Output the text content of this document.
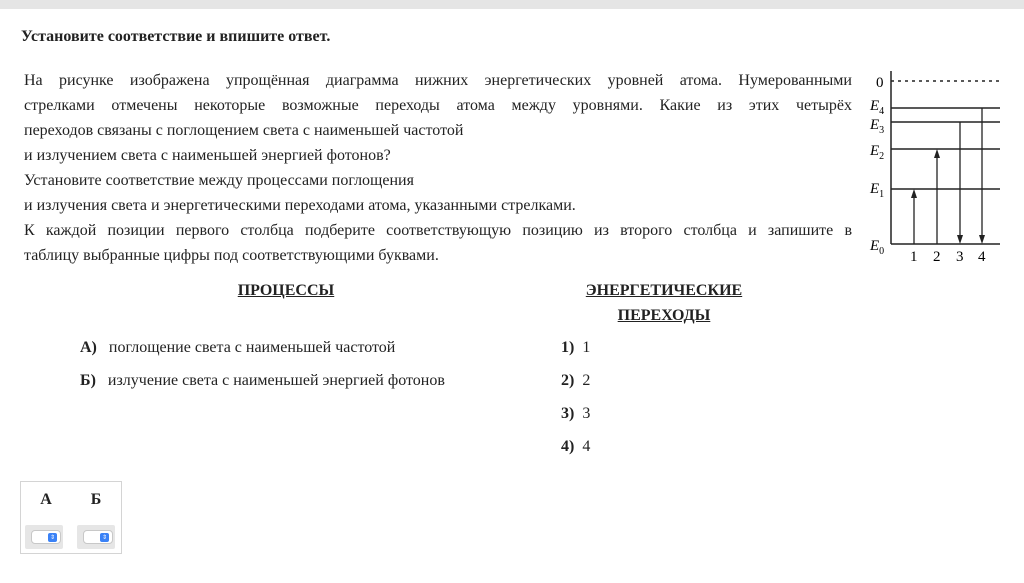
Установите соответствие и впишите ответ.

На рисунке изображена упрощённая диаграмма нижних энергетических уровней атома. Нумерованными

стрелками отмечены некоторые возможные переходы атома между уровнями. Какие из этих четырёх

переходов связаны с поглощением света с наименьшей частотой

и излучением света с наименьшей энергией фотонов?

Установите соответствие между процессами поглощения

и излучения света и энергетическими переходами атома, указанными стрелками.

К каждой позиции первого столбца подберите соответствующую позицию из второго столбца и запишите в

таблицу выбранные цифры под соответствующими буквами.

0
$E_4$
$E_3$
$E_2$
$E_1$
$E_0$ 1 2 3 4
ПРОЦЕССЫ	ЭНЕРГЕТИЧЕСКИЕ
ПЕРЕХОДЫ
А) поглощение света с наименьшей частотой
Б) излучение света с наименьшей энергией фотонов
1) 1
2) 2
3) 3
4) 4
А Б
⇕	⇕
